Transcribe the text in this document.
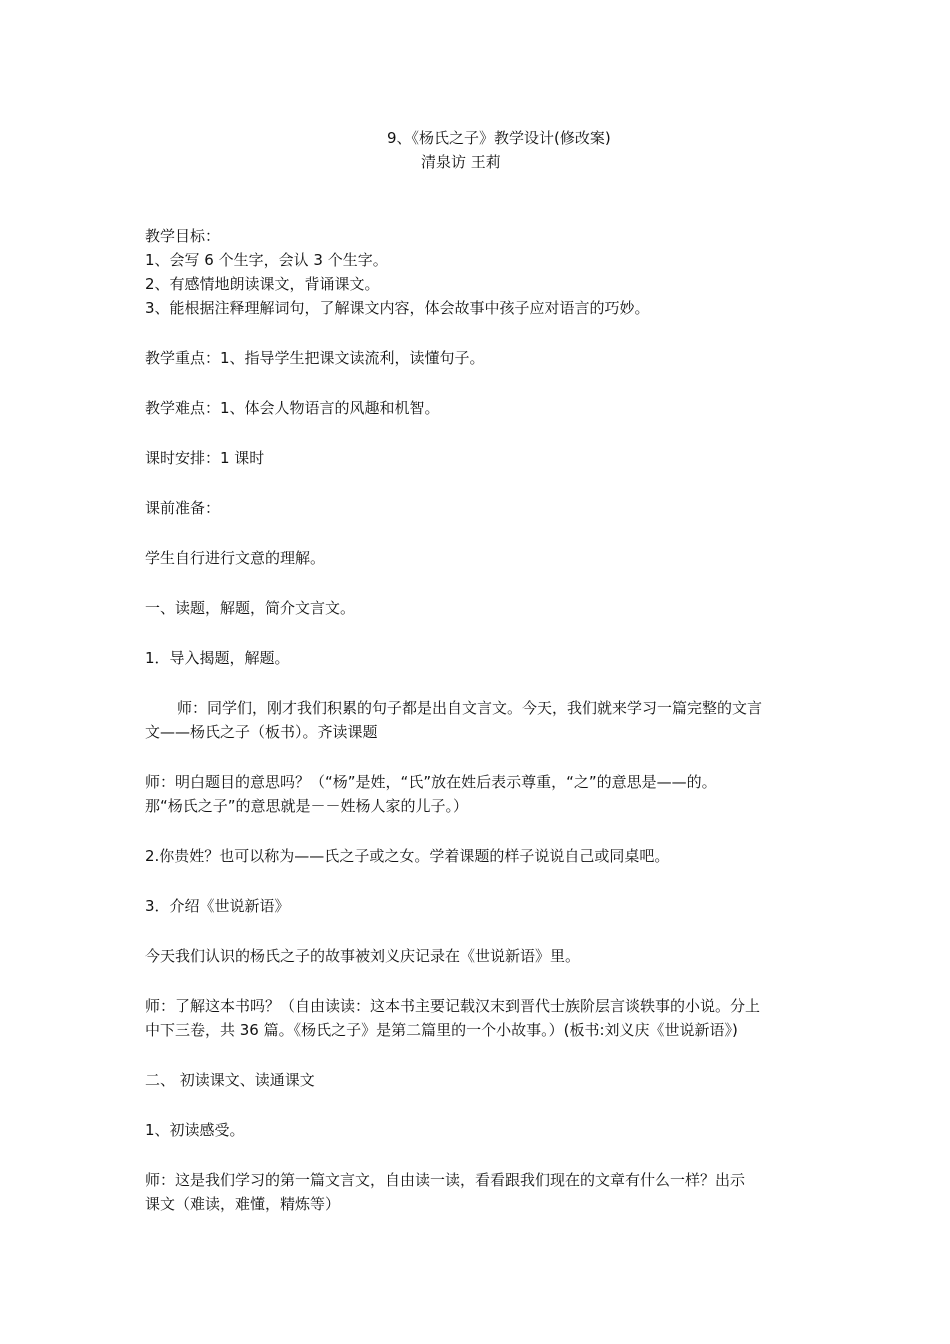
9、《杨氏之子》教学设计(修改案)
清泉访 王莉

教学目标：

1、会写 6 个生字，会认 3 个生字。

2、有感情地朗读课文，背诵课文。

3、能根据注释理解词句，了解课文内容，体会故事中孩子应对语言的巧妙。

教学重点：1、指导学生把课文读流利，读懂句子。

教学难点：1、体会人物语言的风趣和机智。

课时安排：1 课时

课前准备：

学生自行进行文意的理解。

一、读题，解题，简介文言文。

1．导入揭题，解题。

师：同学们，刚才我们积累的句子都是出自文言文。今天，我们就来学习一篇完整的文言

文——杨氏之子（板书）。齐读课题

师：明白题目的意思吗？（“杨”是姓，“氏”放在姓后表示尊重，“之”的意思是——的。

那“杨氏之子”的意思就是－－姓杨人家的儿子。）

2.你贵姓？也可以称为——氏之子或之女。学着课题的样子说说自己或同桌吧。

3．介绍《世说新语》

今天我们认识的杨氏之子的故事被刘义庆记录在《世说新语》里。

师：了解这本书吗？（自由读读：这本书主要记载汉末到晋代士族阶层言谈轶事的小说。分上

中下三卷，共 36 篇。《杨氏之子》是第二篇里的一个小故事。）(板书:刘义庆《世说新语》)

二、 初读课文、读通课文

1、初读感受。

师：这是我们学习的第一篇文言文，自由读一读，看看跟我们现在的文章有什么一样？出示

课文（难读，难懂，精炼等）
